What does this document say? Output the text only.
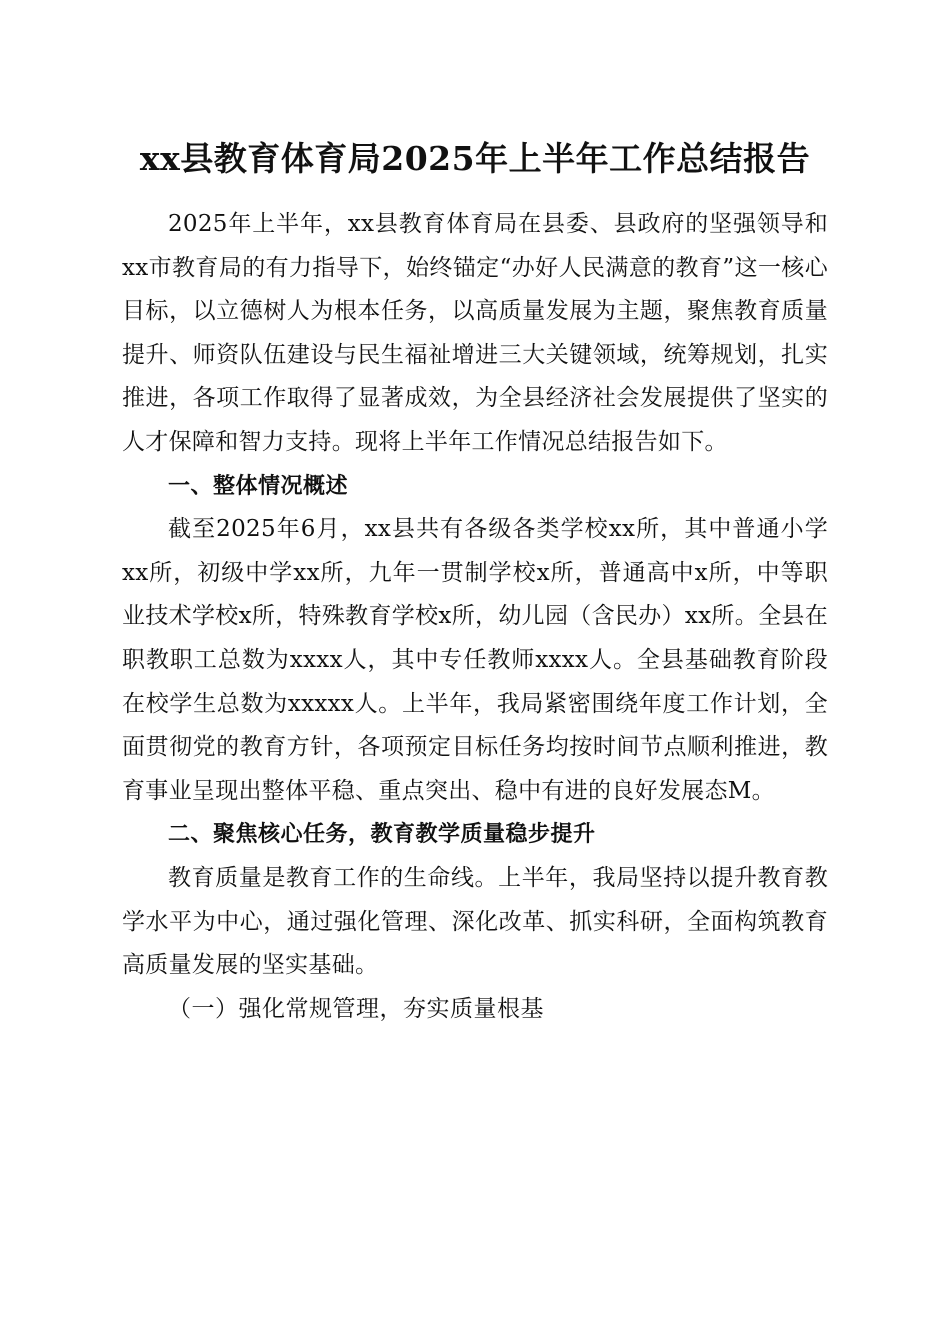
xx县教育体育局2025年上半年工作总结报告

2025年上半年，xx县教育体育局在县委、县政府的坚强领导和xx市教育局的有力指导下，始终锚定“办好人民满意的教育”这一核心目标，以立德树人为根本任务，以高质量发展为主题，聚焦教育质量提升、师资队伍建设与民生福祉增进三大关键领域，统筹规划，扎实推进，各项工作取得了显著成效，为全县经济社会发展提供了坚实的人才保障和智力支持。现将上半年工作情况总结报告如下。

一、整体情况概述

截至2025年6月，xx县共有各级各类学校xx所，其中普通小学xx所，初级中学xx所，九年一贯制学校x所，普通高中x所，中等职业技术学校x所，特殊教育学校x所，幼儿园（含民办）xx所。全县在职教职工总数为xxxx人，其中专任教师xxxx人。全县基础教育阶段在校学生总数为xxxxx人。上半年，我局紧密围绕年度工作计划，全面贯彻党的教育方针，各项预定目标任务均按时间节点顺利推进，教育事业呈现出整体平稳、重点突出、稳中有进的良好发展态M。

二、聚焦核心任务，教育教学质量稳步提升

教育质量是教育工作的生命线。上半年，我局坚持以提升教育教学水平为中心，通过强化管理、深化改革、抓实科研，全面构筑教育高质量发展的坚实基础。

（一）强化常规管理，夯实质量根基
